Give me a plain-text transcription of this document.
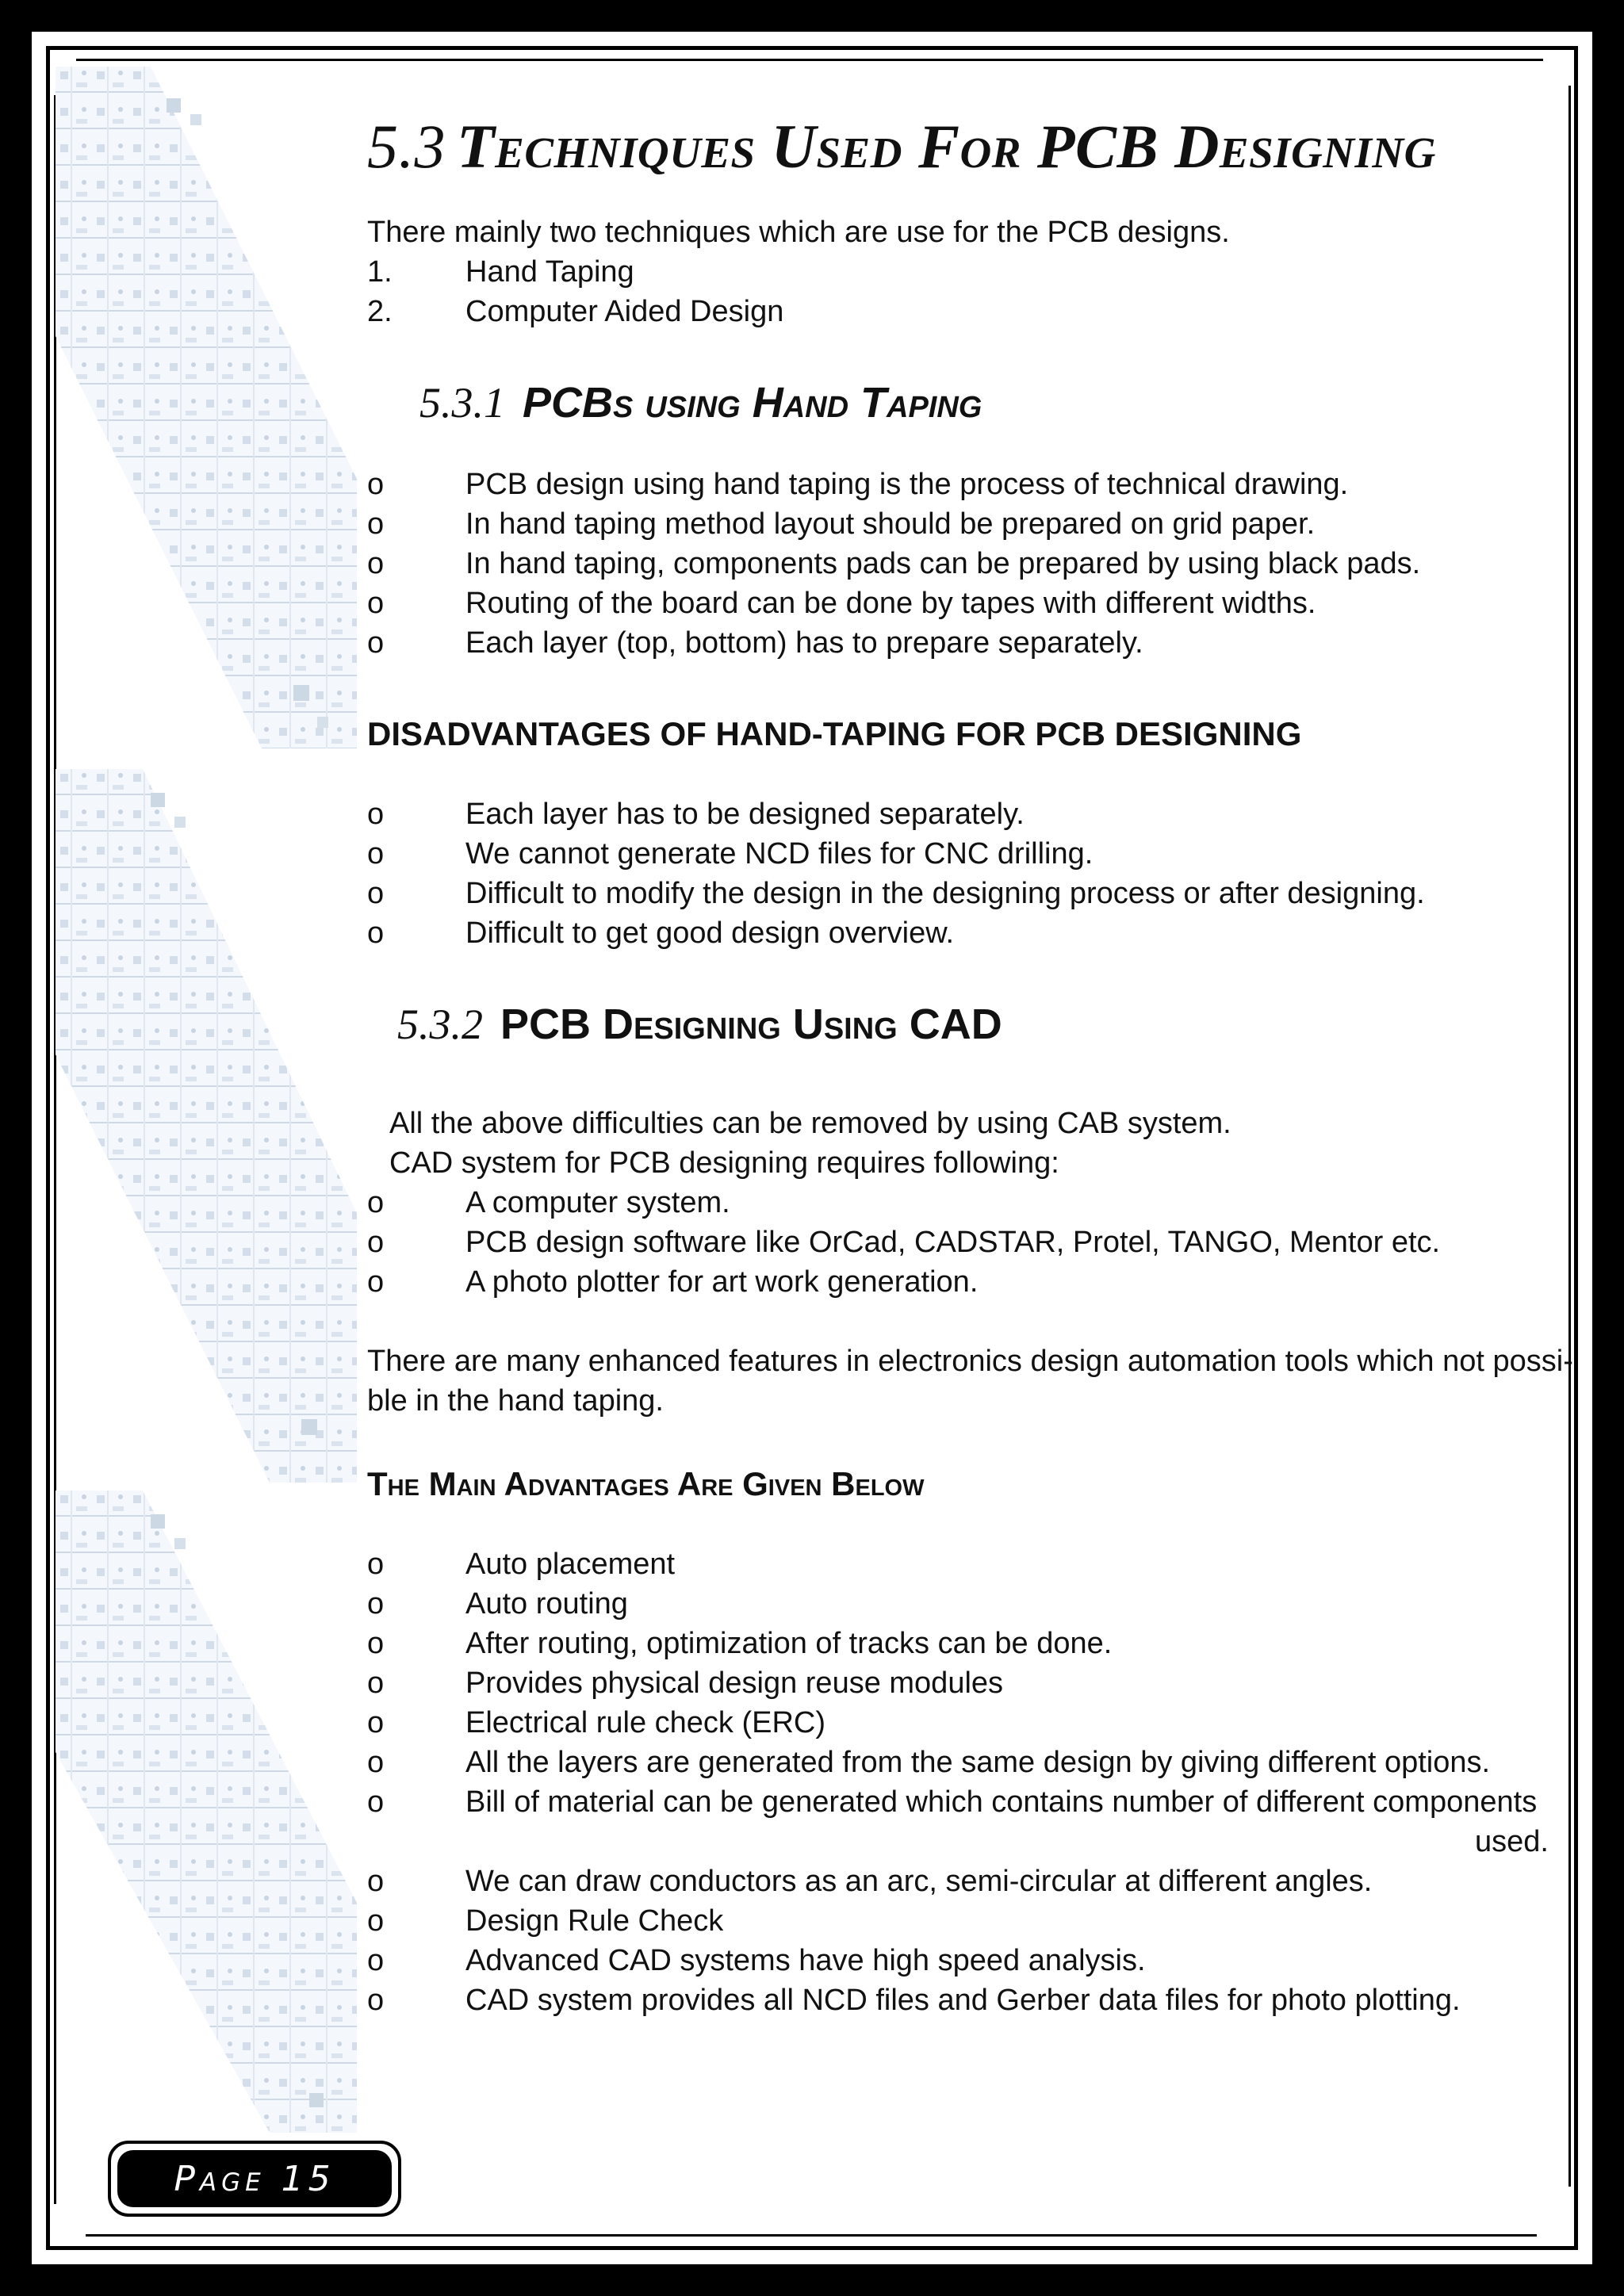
5.3 Techniques Used For PCB Designing

There mainly two techniques which are use for the PCB designs.

1.	Hand Taping
2.	Computer Aided Design
5.3.1 PCBs using Hand Taping
o	PCB design using hand taping is the process of technical drawing.
o	In hand taping method layout should be prepared on grid paper.
o	In hand taping, components pads can be prepared by using black pads.
o	Routing of the board can be done by tapes with different widths.
o	Each layer (top, bottom) has to prepare separately.
DISADVANTAGES OF HAND-TAPING FOR PCB DESIGNING
o	Each layer has to be designed separately.
o	We cannot generate NCD files for CNC drilling.
o	Difficult to modify the design in the designing process or after designing.
o	Difficult to get good design overview.
5.3.2 PCB Designing Using CAD

All the above difficulties can be removed by using CAB system.

CAD system for PCB designing requires following:

o	A computer system.
o	PCB design software like OrCad, CADSTAR, Protel, TANGO, Mentor etc.
o	A photo plotter for art work generation.

There are many enhanced features in electronics design automation tools which not possi-

ble in the hand taping.

The Main Advantages Are Given Below
o	Auto placement
o	Auto routing
o	After routing, optimization of tracks can be done.
o	Provides physical design reuse modules
o	Electrical rule check (ERC)
o	All the layers are generated from the same design by giving different options.
o	Bill of material can be generated which contains number of different components
used.
o	We can draw conductors as an arc, semi-circular at different angles.
o	Design Rule Check
o	Advanced CAD systems have high speed analysis.
o	CAD system provides all NCD files and Gerber data files for photo plotting.
Page 15
